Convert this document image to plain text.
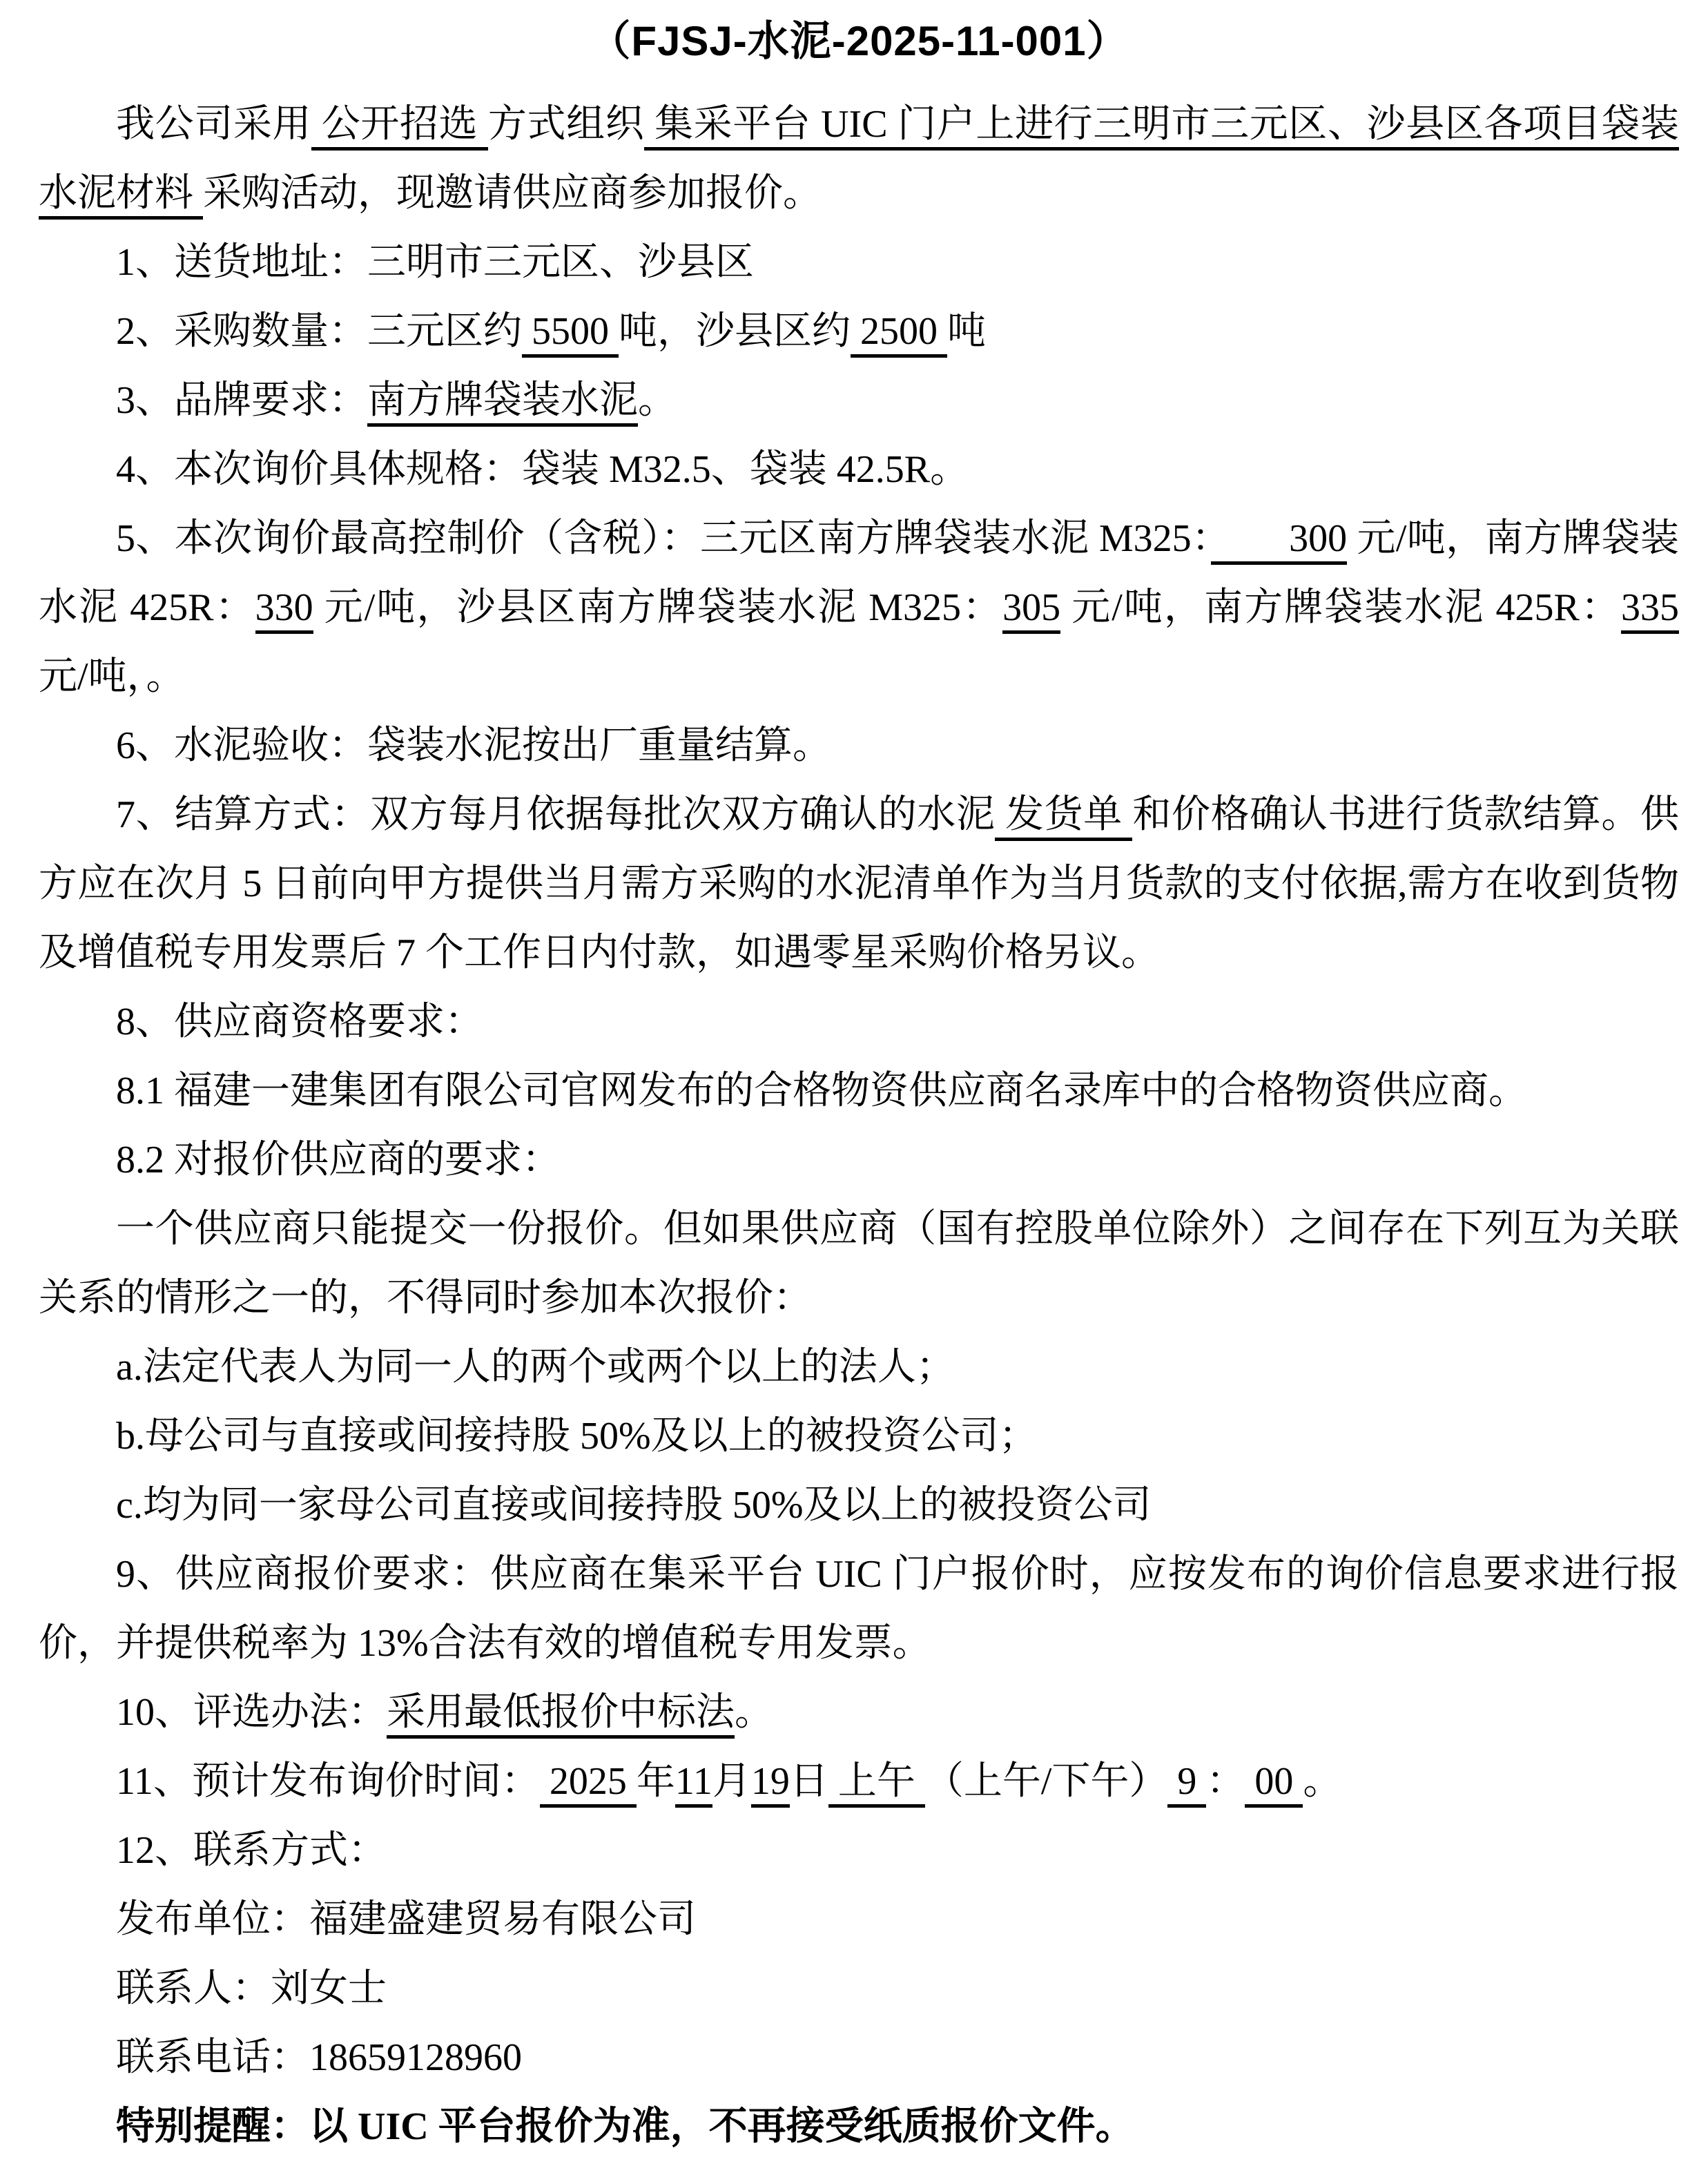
（FJSJ-水泥-2025-11-001）

我公司采用 公开招选 方式组织 集采平台 UIC 门户上进行三明市三元区、沙县区各项目袋装水泥材料 采购活动，现邀请供应商参加报价。

1、送货地址：三明市三元区、沙县区

2、采购数量：三元区约 5500 吨，沙县区约 2500 吨

3、品牌要求：南方牌袋装水泥。

4、本次询价具体规格：袋装 M32.5、袋装 42.5R。

5、本次询价最高控制价（含税）：三元区南方牌袋装水泥 M325：　　300 元/吨，南方牌袋装水泥 425R：330 元/吨，沙县区南方牌袋装水泥 M325：305 元/吨，南方牌袋装水泥 425R：335 元/吨，。

6、水泥验收：袋装水泥按出厂重量结算。

7、结算方式：双方每月依据每批次双方确认的水泥 发货单 和价格确认书进行货款结算。供方应在次月 5 日前向甲方提供当月需方采购的水泥清单作为当月货款的支付依据,需方在收到货物及增值税专用发票后 7 个工作日内付款，如遇零星采购价格另议。

8、供应商资格要求：

8.1 福建一建集团有限公司官网发布的合格物资供应商名录库中的合格物资供应商。

8.2 对报价供应商的要求：

一个供应商只能提交一份报价。但如果供应商（国有控股单位除外）之间存在下列互为关联关系的情形之一的，不得同时参加本次报价：

a.法定代表人为同一人的两个或两个以上的法人；

b.母公司与直接或间接持股 50%及以上的被投资公司；

c.均为同一家母公司直接或间接持股 50%及以上的被投资公司

9、供应商报价要求：供应商在集采平台 UIC 门户报价时，应按发布的询价信息要求进行报价，并提供税率为 13%合法有效的增值税专用发票。

10、评选办法：采用最低报价中标法。

11、预计发布询价时间： 2025 年11月19日 上午 （上午/下午） 9 ： 00 。

12、联系方式：

发布单位：福建盛建贸易有限公司

联系人：刘女士

联系电话：18659128960

特别提醒：以 UIC 平台报价为准，不再接受纸质报价文件。
